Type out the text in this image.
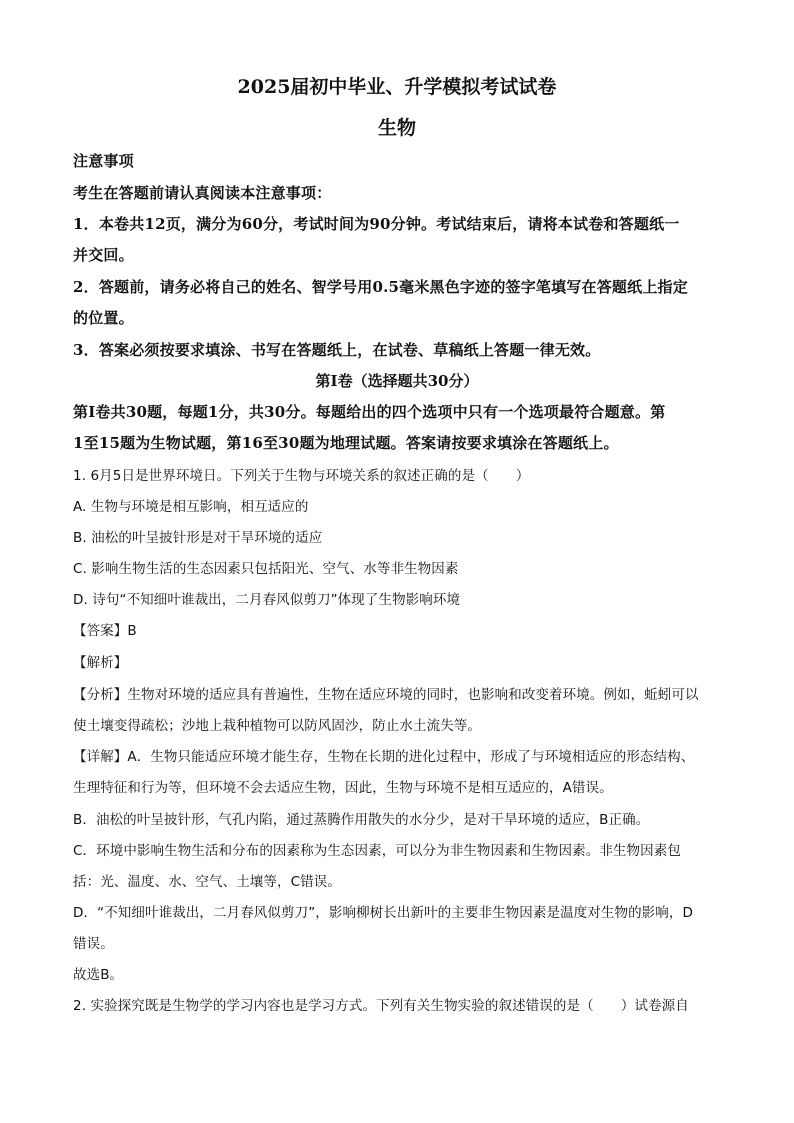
2025届初中毕业、升学模拟考试试卷
生物
注意事项
考生在答题前请认真阅读本注意事项：
1．本卷共12页，满分为60分，考试时间为90分钟。考试结束后，请将本试卷和答题纸一
并交回。
2．答题前，请务必将自己的姓名、智学号用0.5毫米黑色字迹的签字笔填写在答题纸上指定
的位置。
3．答案必须按要求填涂、书写在答题纸上，在试卷、草稿纸上答题一律无效。
第Ⅰ卷（选择题共30分）
第Ⅰ卷共30题，每题1分，共30分。每题给出的四个选项中只有一个选项最符合题意。第
1至15题为生物试题，第16至30题为地理试题。答案请按要求填涂在答题纸上。
1. 6月5日是世界环境日。下列关于生物与环境关系的叙述正确的是（　　）
A. 生物与环境是相互影响，相互适应的
B. 油松的叶呈披针形是对干旱环境的适应
C. 影响生物生活的生态因素只包括阳光、空气、水等非生物因素
D. 诗句“不知细叶谁裁出，二月春风似剪刀”体现了生物影响环境
【答案】B
【解析】
【分析】生物对环境的适应具有普遍性，生物在适应环境的同时，也影响和改变着环境。例如，蚯蚓可以
使土壤变得疏松；沙地上栽种植物可以防风固沙，防止水土流失等。
【详解】A．生物只能适应环境才能生存，生物在长期的进化过程中，形成了与环境相适应的形态结构、
生理特征和行为等，但环境不会去适应生物，因此，生物与环境不是相互适应的，A错误。
B．油松的叶呈披针形，气孔内陷，通过蒸腾作用散失的水分少，是对干旱环境的适应，B正确。
C．环境中影响生物生活和分布的因素称为生态因素，可以分为非生物因素和生物因素。非生物因素包
括：光、温度、水、空气、土壤等，C错误。
D．“不知细叶谁裁出，二月春风似剪刀”，影响柳树长出新叶的主要非生物因素是温度对生物的影响，D
错误。
故选B。
2. 实验探究既是生物学的学习内容也是学习方式。下列有关生物实验的叙述错误的是（　　）试卷源自
